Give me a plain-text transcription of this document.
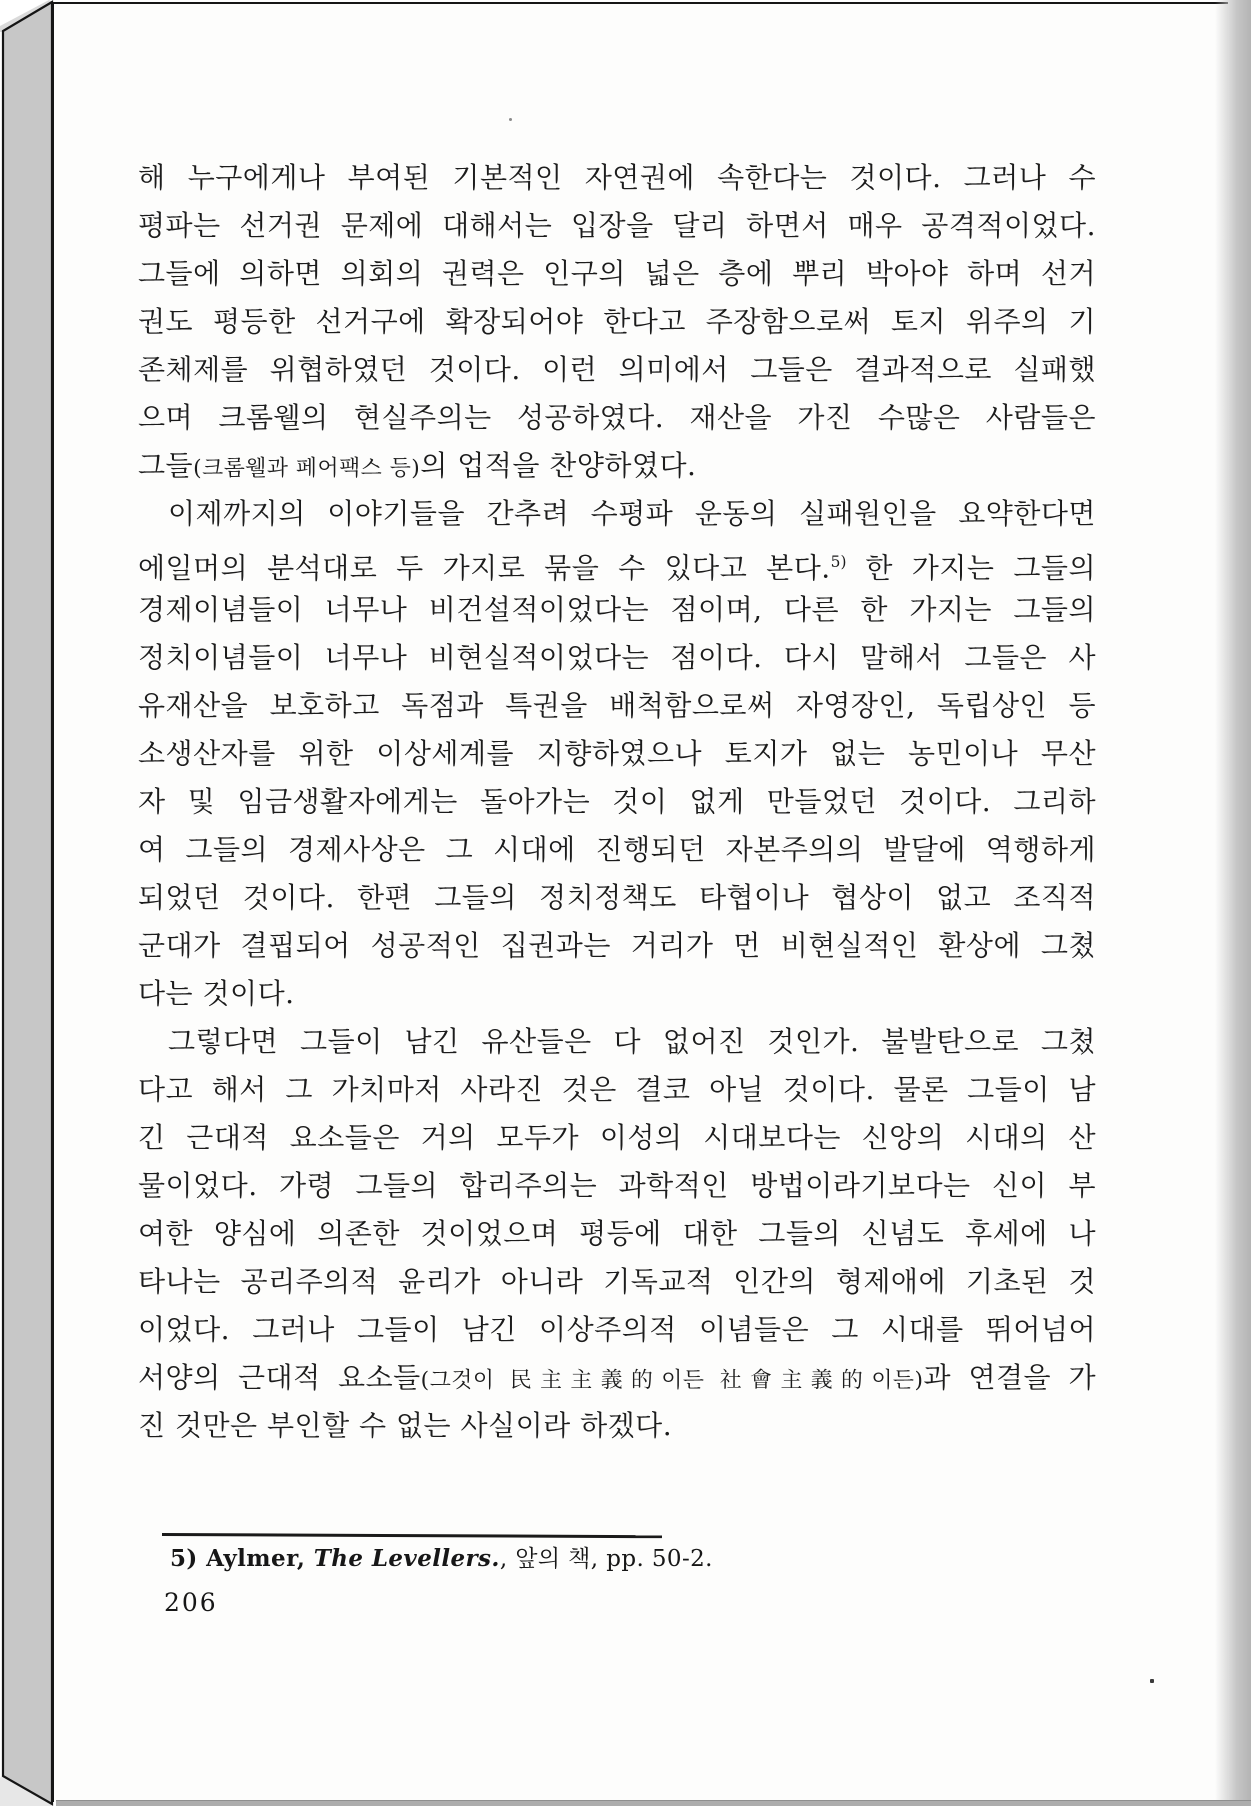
해 누구에게나 부여된 기본적인 자연권에 속한다는 것이다. 그러나 수
평파는 선거권 문제에 대해서는 입장을 달리 하면서 매우 공격적이었다.
그들에 의하면 의회의 권력은 인구의 넓은 층에 뿌리 박아야 하며 선거
권도 평등한 선거구에 확장되어야 한다고 주장함으로써 토지 위주의 기
존체제를 위협하였던 것이다. 이런 의미에서 그들은 결과적으로 실패했
으며 크롬웰의 현실주의는 성공하였다. 재산을 가진 수많은 사람들은
그들(크롬웰과 페어팩스 등)의 업적을 찬양하였다.
이제까지의 이야기들을 간추려 수평파 운동의 실패원인을 요약한다면
에일머의 분석대로 두 가지로 묶을 수 있다고 본다.$^{5)}$ 한 가지는 그들의
경제이념들이 너무나 비건설적이었다는 점이며, 다른 한 가지는 그들의
정치이념들이 너무나 비현실적이었다는 점이다. 다시 말해서 그들은 사
유재산을 보호하고 독점과 특권을 배척함으로써 자영장인, 독립상인 등
소생산자를 위한 이상세계를 지향하였으나 토지가 없는 농민이나 무산
자 및 임금생활자에게는 돌아가는 것이 없게 만들었던 것이다. 그리하
여 그들의 경제사상은 그 시대에 진행되던 자본주의의 발달에 역행하게
되었던 것이다. 한편 그들의 정치정책도 타협이나 협상이 없고 조직적
군대가 결핍되어 성공적인 집권과는 거리가 먼 비현실적인 환상에 그쳤
다는 것이다.
그렇다면 그들이 남긴 유산들은 다 없어진 것인가. 불발탄으로 그쳤
다고 해서 그 가치마저 사라진 것은 결코 아닐 것이다. 물론 그들이 남
긴 근대적 요소들은 거의 모두가 이성의 시대보다는 신앙의 시대의 산
물이었다. 가령 그들의 합리주의는 과학적인 방법이라기보다는 신이 부
여한 양심에 의존한 것이었으며 평등에 대한 그들의 신념도 후세에 나
타나는 공리주의적 윤리가 아니라 기독교적 인간의 형제애에 기초된 것
이었다. 그러나 그들이 남긴 이상주의적 이념들은 그 시대를 뛰어넘어
서양의 근대적 요소들(그것이 民主主義的이든 社會主義的이든)과 연결을 가
진 것만은 부인할 수 없는 사실이라 하겠다.
5) Aylmer, The Levellers., 앞의 책, pp. 50-2.
206
